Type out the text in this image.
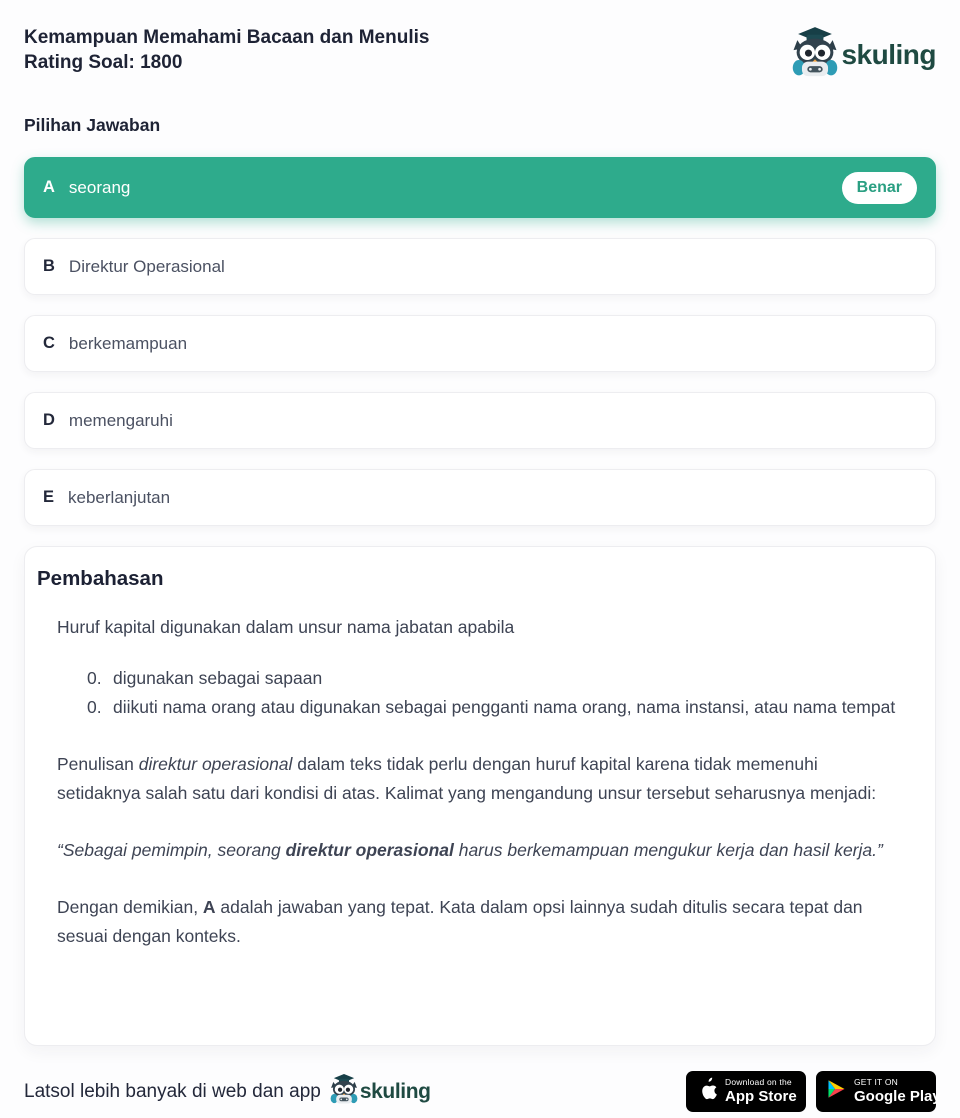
Kemampuan Memahami Bacaan dan Menulis
Rating Soal: 1800	skuling
Pilihan Jawaban
A seorang	Benar
B Direktur Operasional
C berkemampuan
D memengaruhi
E keberlanjutan
Pembahasan

Huruf kapital digunakan dalam unsur nama jabatan apabila

0. digunakan sebagai sapaan
0. diikuti nama orang atau digunakan sebagai pengganti nama orang, nama instansi, atau nama tempat

Penulisan direktur operasional dalam teks tidak perlu dengan huruf kapital karena tidak memenuhi setidaknya salah satu dari kondisi di atas. Kalimat yang mengandung unsur tersebut seharusnya menjadi:

“Sebagai pemimpin, seorang direktur operasional harus berkemampuan mengukur kerja dan hasil kerja.”

Dengan demikian, A adalah jawaban yang tepat. Kata dalam opsi lainnya sudah ditulis secara tepat dan sesuai dengan konteks.

Latsol lebih banyak di web dan app skuling	Download on the
App Store
GET IT ON
Google Play
